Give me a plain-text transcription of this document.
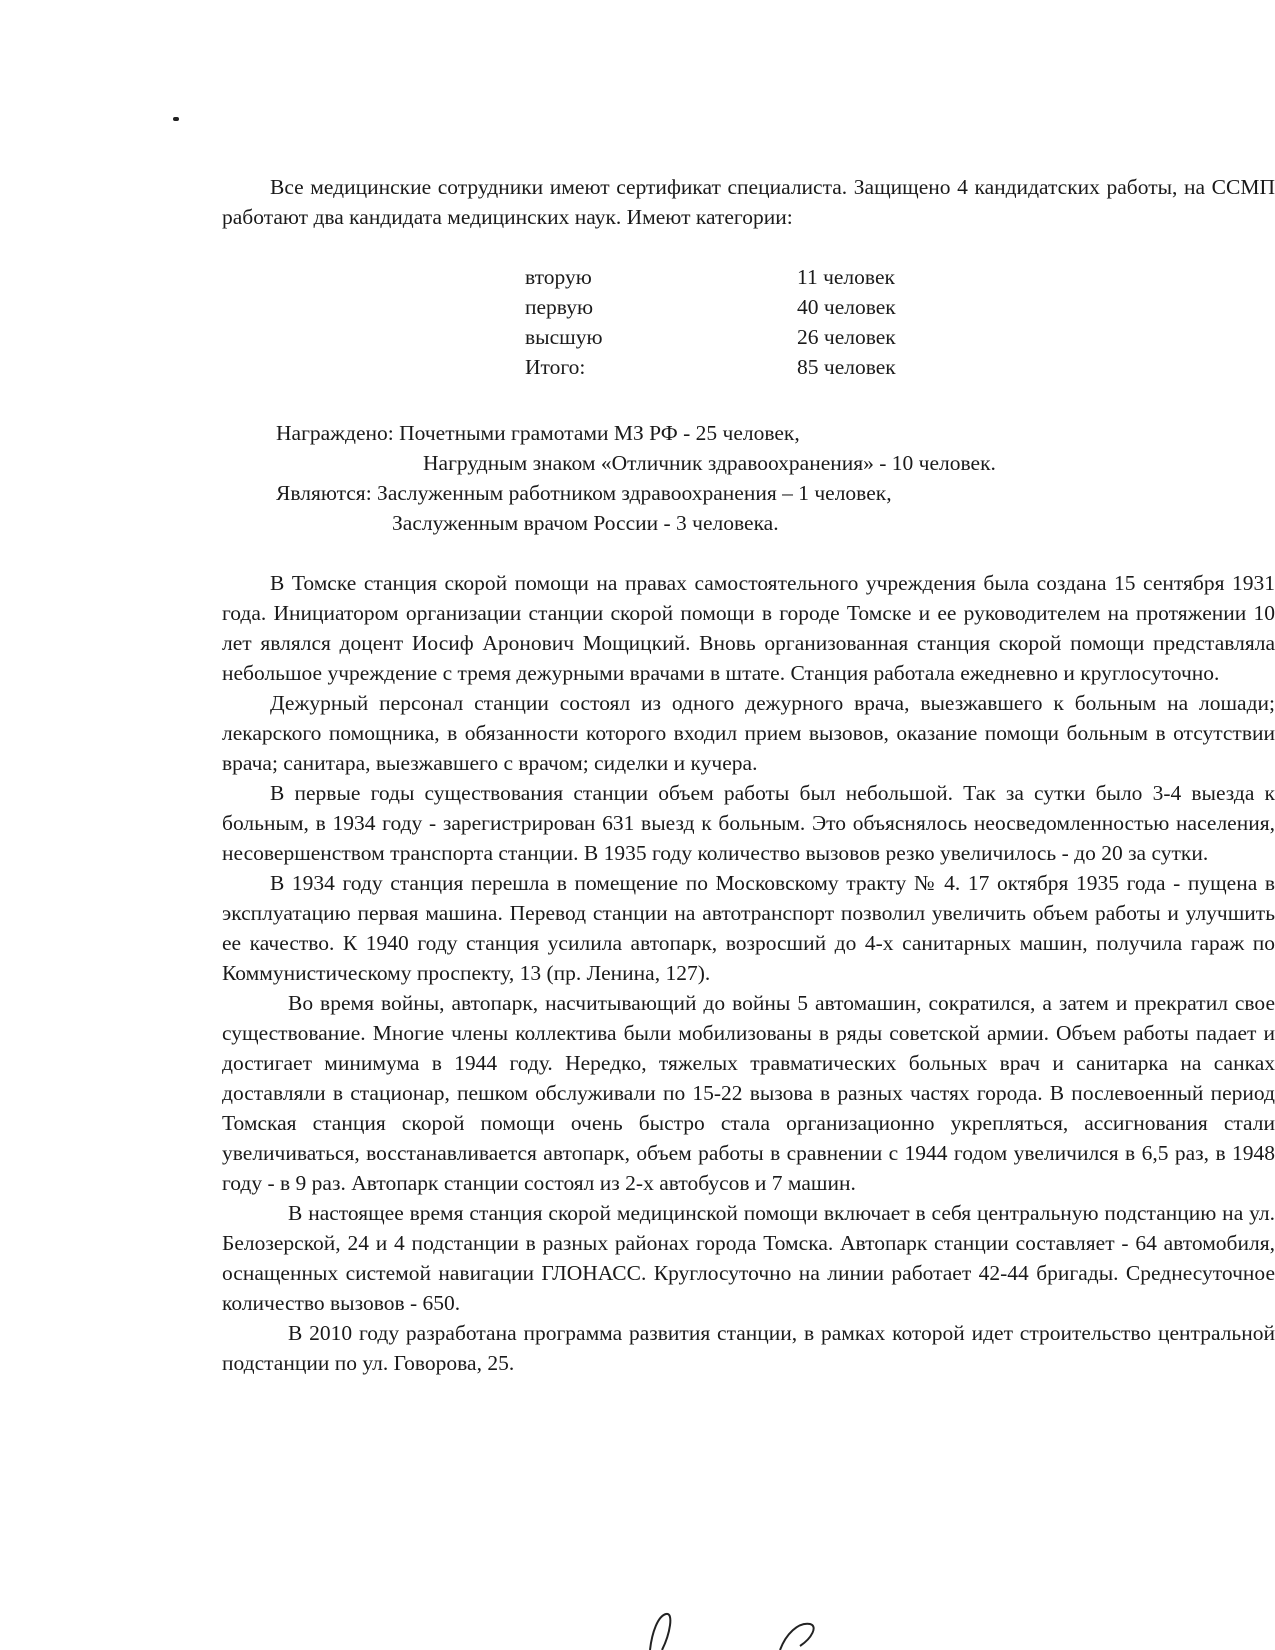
Все медицинские сотрудники имеют сертификат специалиста. Защищено 4 кандидатских работы, на ССМП работают два кандидата медицинских наук. Имеют категории:

вторую	11 человек
первую	40 человек
высшую	26 человек
Итого:	85 человек
Награждено: Почетными грамотами МЗ РФ - 25 человек,
Нагрудным знаком «Отличник здравоохранения» - 10 человек.
Являются: Заслуженным работником здравоохранения – 1 человек,
Заслуженным врачом России - 3 человека.

В Томске станция скорой помощи на правах самостоятельного учреждения была создана 15 сентября 1931 года. Инициатором организации станции скорой помощи в городе Томске и ее руководителем на протяжении 10 лет являлся доцент Иосиф Аронович Мощицкий. Вновь организованная станция скорой помощи представляла небольшое учреждение с тремя дежурными врачами в штате. Станция работала ежедневно и круглосуточно.

Дежурный персонал станции состоял из одного дежурного врача, выезжавшего к больным на лошади; лекарского помощника, в обязанности которого входил прием вызовов, оказание помощи больным в отсутствии врача; санитара, выезжавшего с врачом; сиделки и кучера.

В первые годы существования станции объем работы был небольшой. Так за сутки было 3-4 выезда к больным, в 1934 году - зарегистрирован 631 выезд к больным. Это объяснялось неосведомленностью населения, несовершенством транспорта станции. В 1935 году количество вызовов резко увеличилось - до 20 за сутки.

В 1934 году станция перешла в помещение по Московскому тракту № 4. 17 октября 1935 года - пущена в эксплуатацию первая машина. Перевод станции на автотранспорт позволил увеличить объем работы и улучшить ее качество. К 1940 году станция усилила автопарк, возросший до 4-х санитарных машин, получила гараж по Коммунистическому проспекту, 13 (пр. Ленина, 127).

Во время войны, автопарк, насчитывающий до войны 5 автомашин, сократился, а затем и прекратил свое существование. Многие члены коллектива были мобилизованы в ряды советской армии. Объем работы падает и достигает минимума в 1944 году. Нередко, тяжелых травматических больных врач и санитарка на санках доставляли в стационар, пешком обслуживали по 15-22 вызова в разных частях города. В послевоенный период Томская станция скорой помощи очень быстро стала организационно укрепляться, ассигнования стали увеличиваться, восстанавливается автопарк, объем работы в сравнении с 1944 годом увеличился в 6,5 раз, в 1948 году - в 9 раз. Автопарк станции состоял из 2-х автобусов и 7 машин.

В настоящее время станция скорой медицинской помощи включает в себя центральную подстанцию на ул. Белозерской, 24 и 4 подстанции в разных районах города Томска. Автопарк станции составляет - 64 автомобиля, оснащенных системой навигации ГЛОНАСС. Круглосуточно на линии работает 42-44 бригады. Среднесуточное количество вызовов - 650.

В 2010 году разработана программа развития станции, в рамках которой идет строительство центральной подстанции по ул. Говорова, 25.
